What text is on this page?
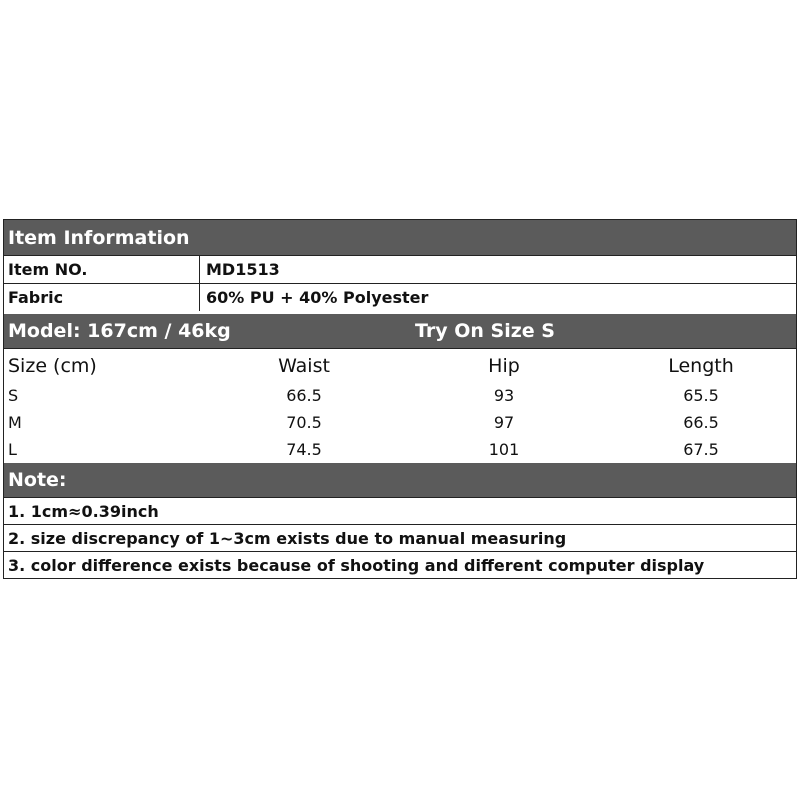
Item Information
Item NO.	MD1513
Fabric	60% PU + 40% Polyester
Model: 167cm / 46kg	Try On Size S
Size (cm)	Waist	Hip	Length
S	66.5	93	65.5
M	70.5	97	66.5
L	74.5	101	67.5
Note:
1. 1cm≈0.39inch
2. size discrepancy of 1~3cm exists due to manual measuring
3. color difference exists because of shooting and different computer display
